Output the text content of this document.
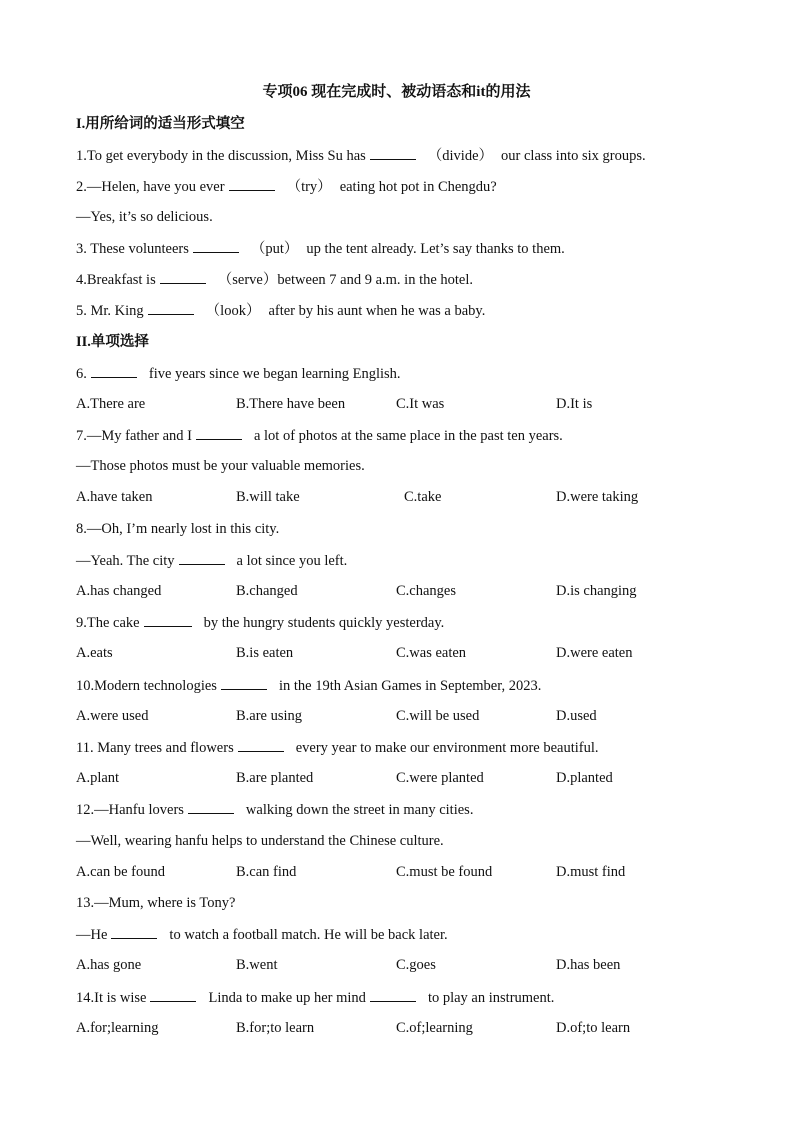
专项06 现在完成时、被动语态和it的用法
I.用所给词的适当形式填空
1.To get everybody in the discussion, Miss Su has	（divide） our class into six groups.
2.—Helen, have you ever	（try） eating hot pot in Chengdu?
—Yes, it’s so delicious.
3. These volunteers	（put） up the tent already. Let’s say thanks to them.
4.Breakfast is	（serve）between 7 and 9 a.m. in the hotel.
5. Mr. King	（look） after by his aunt when he was a baby.
II.单项选择
6.	five years since we began learning English.
A.There are	B.There have been	C.It was	D.It is
7.—My father and I	a lot of photos at the same place in the past ten years.
—Those photos must be your valuable memories.
A.have taken	B.will take	C.take	D.were taking
8.—Oh, I’m nearly lost in this city.
—Yeah. The city	a lot since you left.
A.has changed	B.changed	C.changes	D.is changing
9.The cake	by the hungry students quickly yesterday.
A.eats	B.is eaten	C.was eaten	D.were eaten
10.Modern technologies	in the 19th Asian Games in September, 2023.
A.were used	B.are using	C.will be used	D.used
11. Many trees and flowers	every year to make our environment more beautiful.
A.plant	B.are planted	C.were planted	D.planted
12.—Hanfu lovers	walking down the street in many cities.
—Well, wearing hanfu helps to understand the Chinese culture.
A.can be found	B.can find	C.must be found	D.must find
13.—Mum, where is Tony?
—He	to watch a football match. He will be back later.
A.has gone	B.went	C.goes	D.has been
14.It is wise	Linda to make up her mind	to play an instrument.
A.for;learning	B.for;to learn	C.of;learning	D.of;to learn
